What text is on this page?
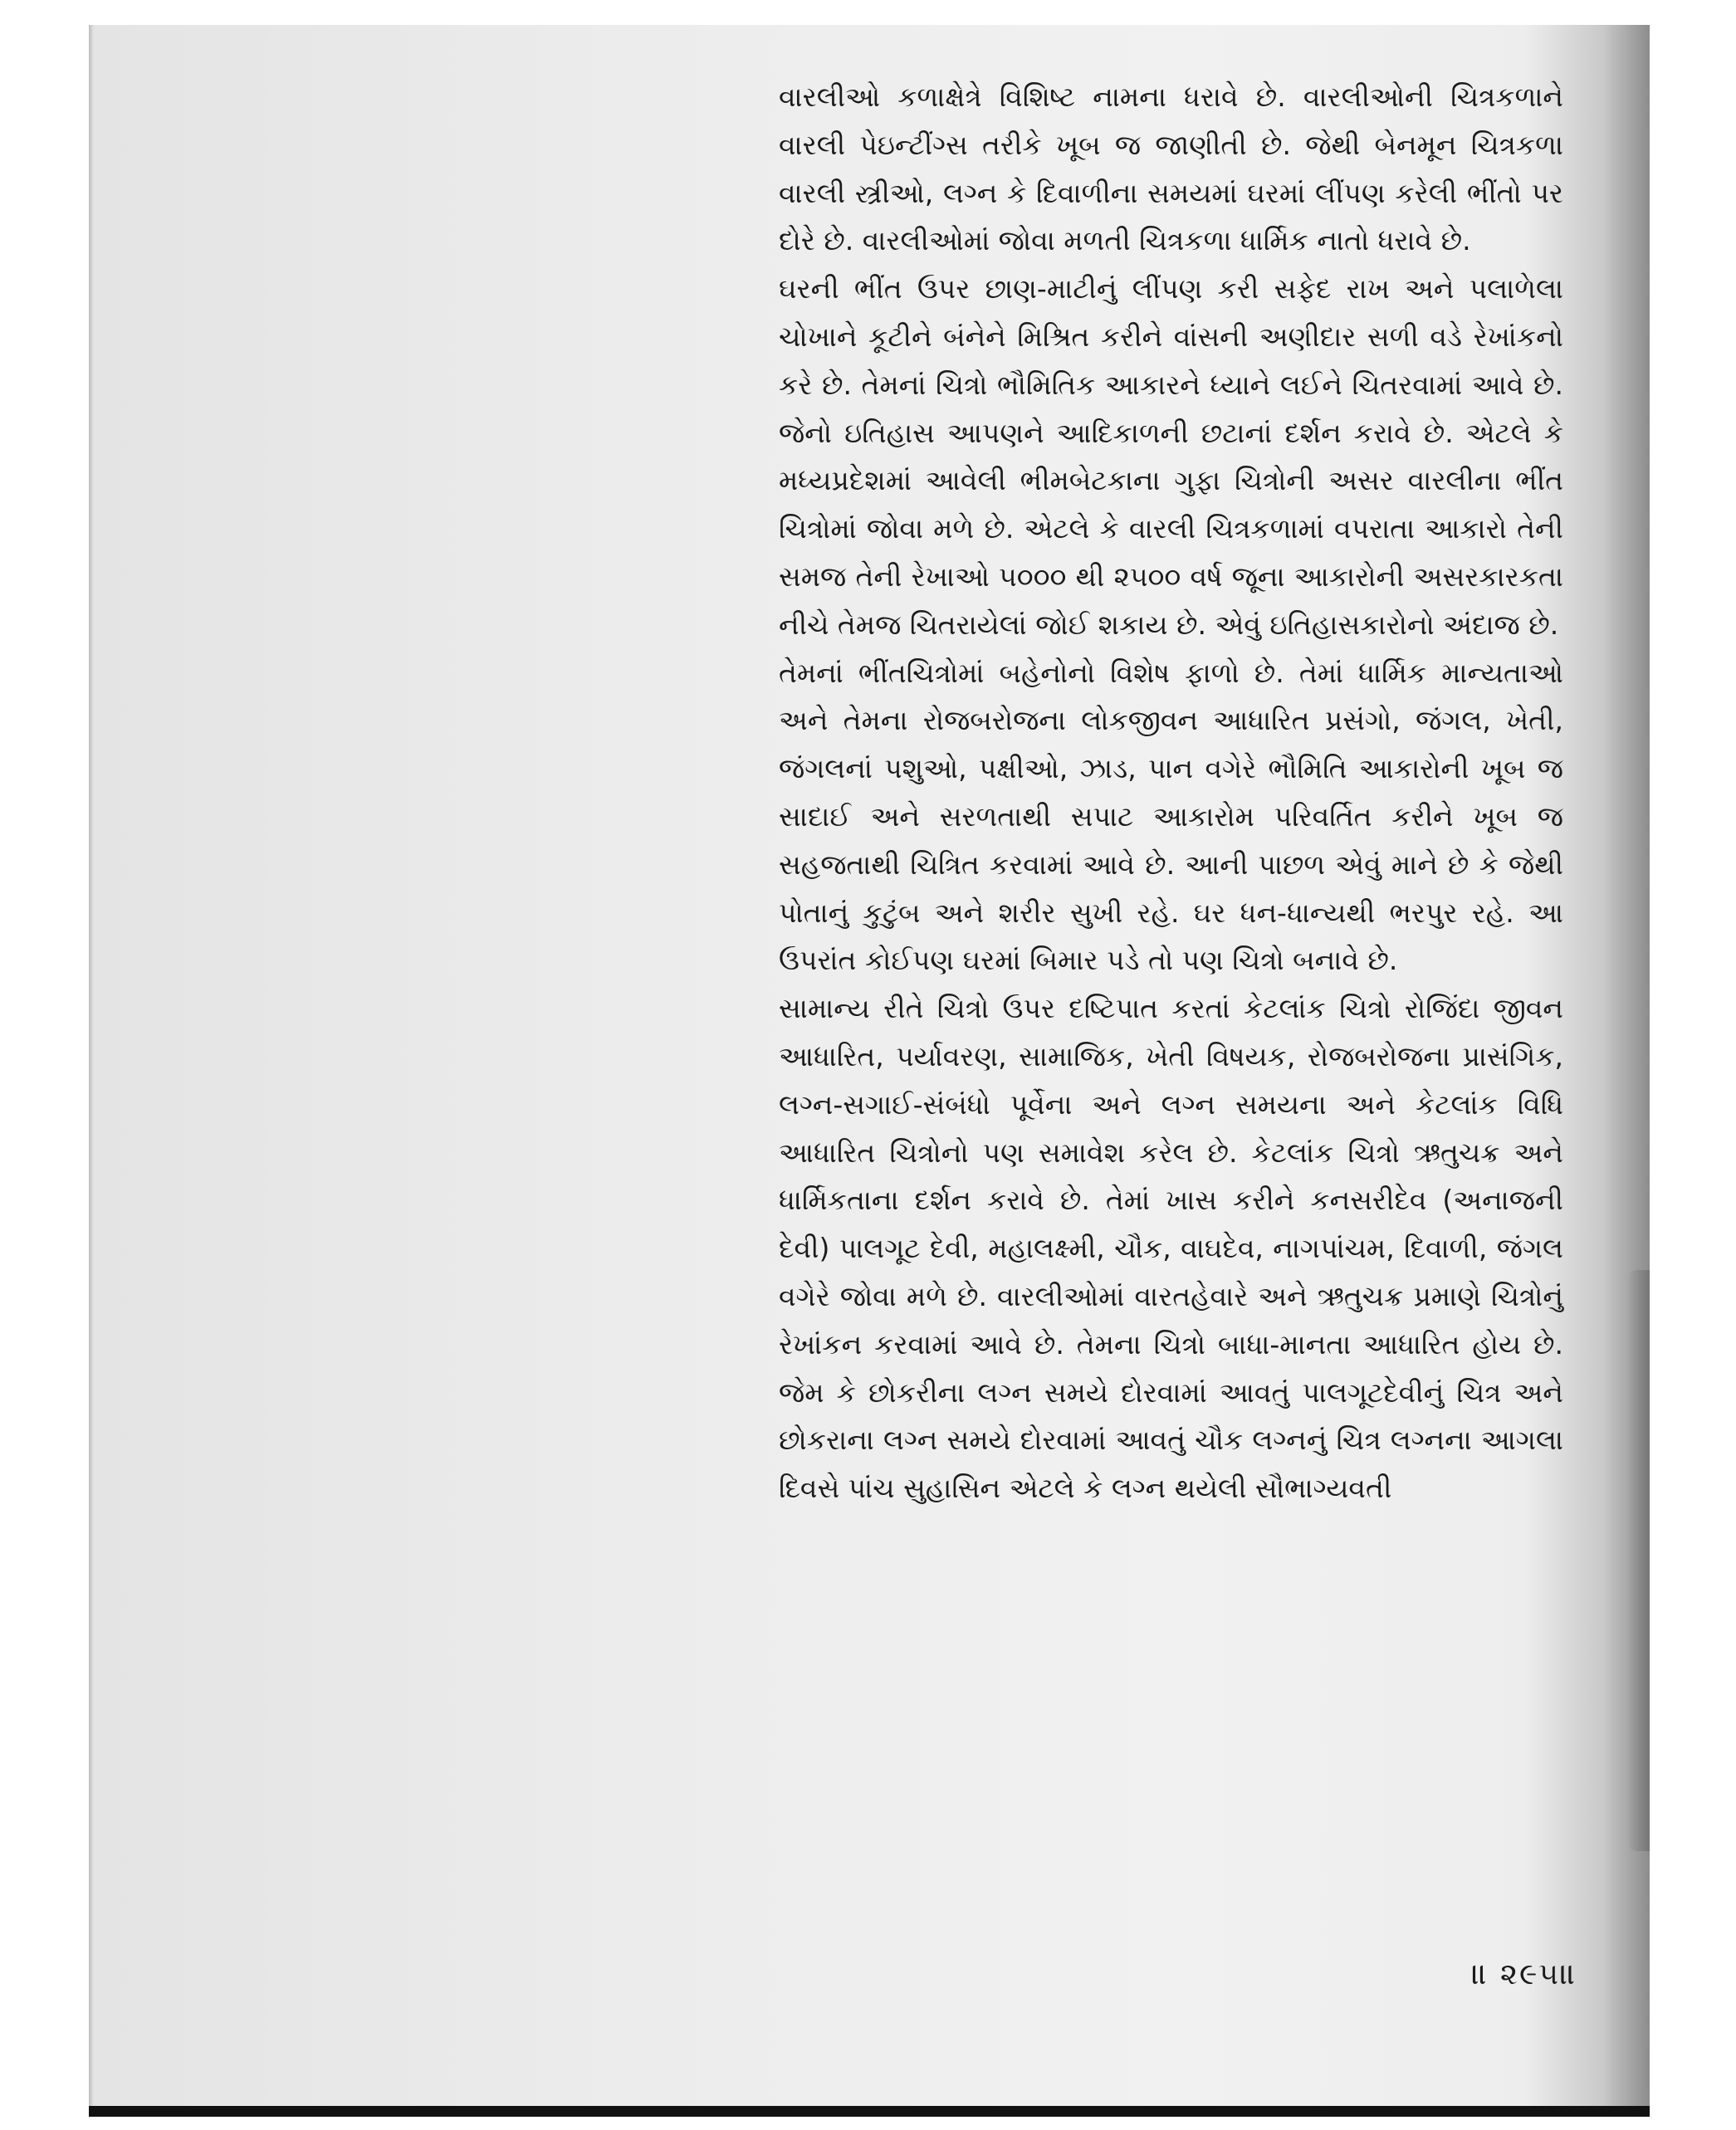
વારલીઓ કળાક્ષેત્રે વિશિષ્ટ નામના ધરાવે છે. વારલીઓની ચિત્રકળાને વારલી પેઇન્ટીંગ્સ તરીકે ખૂબ જ જાણીતી છે. જેથી બેનમૂન ચિત્રકળા વારલી સ્ત્રીઓ, લગ્ન કે દિવાળીના સમયમાં ઘરમાં લીંપણ કરેલી ભીંતો પર દોરે છે. વારલીઓમાં જોવા મળતી ચિત્રકળા ધાર્મિક નાતો ધરાવે છે.

ઘરની ભીંત ઉપર છાણ-માટીનું લીંપણ કરી સફેદ રાખ અને પલાળેલા ચોખાને કૂટીને બંનેને મિશ્રિત કરીને વાંસની અણીદાર સળી વડે રેખાંકનો કરે છે. તેમનાં ચિત્રો ભૌમિતિક આકારને ધ્યાને લઈને ચિતરવામાં આવે છે. જેનો ઇતિહાસ આપણને આદિકાળની છટાનાં દર્શન કરાવે છે. એટલે કે મધ્યપ્રદેશમાં આવેલી ભીમબેટકાના ગુફા ચિત્રોની અસર વારલીના ભીંત ચિત્રોમાં જોવા મળે છે. એટલે કે વારલી ચિત્રકળામાં વપરાતા આકારો તેની સમજ તેની રેખાઓ ૫૦૦૦ થી ૨૫૦૦ વર્ષ જૂના આકારોની અસરકારકતા નીચે તેમજ ચિતરાયેલાં જોઈ શકાય છે. એવું ઇતિહાસકારોનો અંદાજ છે.

તેમનાં ભીંતચિત્રોમાં બહેનોનો વિશેષ ફાળો છે. તેમાં ધાર્મિક માન્યતાઓ અને તેમના રોજબરોજના લોકજીવન આધારિત પ્રસંગો, જંગલ, ખેતી, જંગલનાં પશુઓ, પક્ષીઓ, ઝાડ, પાન વગેરે ભૌમિતિ આકારોની ખૂબ જ સાદાઈ અને સરળતાથી સપાટ આકારોમ પરિવર્તિત કરીને ખૂબ જ સહજતાથી ચિત્રિત કરવામાં આવે છે. આની પાછળ એવું માને છે કે જેથી પોતાનું કુટુંબ અને શરીર સુખી રહે. ઘર ધન-ધાન્યથી ભરપુર રહે. આ ઉપરાંત કોઈપણ ઘરમાં બિમાર પડે તો પણ ચિત્રો બનાવે છે.

સામાન્ય રીતે ચિત્રો ઉપર દષ્ટિપાત કરતાં કેટલાંક ચિત્રો રોજિંદા જીવન આધારિત, પર્યાવરણ, સામાજિક, ખેતી વિષયક, રોજબરોજના પ્રાસંગિક, લગ્ન-સગાઈ-સંબંધો પૂર્વેના અને લગ્ન સમયના અને કેટલાંક વિધિ આધારિત ચિત્રોનો પણ સમાવેશ કરેલ છે. કેટલાંક ચિત્રો ઋતુચક્ર અને ધાર્મિકતાના દર્શન કરાવે છે. તેમાં ખાસ કરીને કનસરીદેવ (અનાજની દેવી) પાલગૂટ દેવી, મહાલક્ષ્મી, ચૌક, વાઘદેવ, નાગપાંચમ, દિવાળી, જંગલ વગેરે જોવા મળે છે. વારલીઓમાં વારતહેવારે અને ઋતુચક્ર પ્રમાણે ચિત્રોનું રેખાંકન કરવામાં આવે છે. તેમના ચિત્રો બાધા-માનતા આધારિત હોય છે. જેમ કે છોકરીના લગ્ન સમયે દોરવામાં આવતું પાલગૂટદેવીનું ચિત્ર અને છોકરાના લગ્ન સમયે દોરવામાં આવતું ચૌક લગ્નનું ચિત્ર લગ્નના આગલા દિવસે પાંચ સુહાસિન એટલે કે લગ્ન થયેલી સૌભાગ્યવતી

॥ ૨૯૫॥
